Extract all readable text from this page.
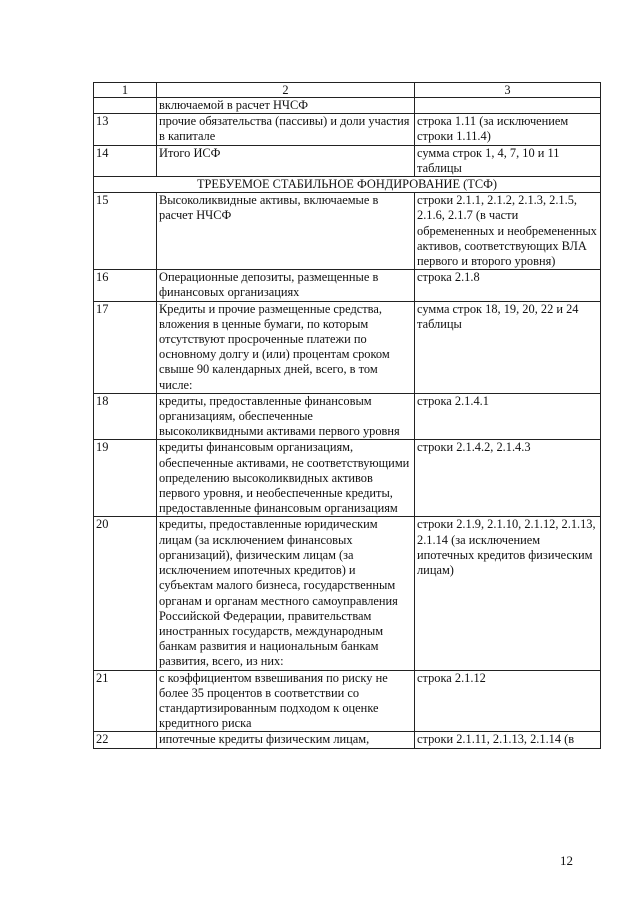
1	2	3
	включаемой в расчет НЧСФ	
13	прочие обязательства (пассивы) и доли участия в капитале	строка 1.11 (за исключением строки 1.11.4)
14	Итого ИСФ	сумма строк 1, 4, 7, 10 и 11 таблицы
ТРЕБУЕМОЕ СТАБИЛЬНОЕ ФОНДИРОВАНИЕ (ТСФ)		
15	Высоколиквидные активы, включаемые в расчет НЧСФ	строки 2.1.1, 2.1.2, 2.1.3, 2.1.5, 2.1.6, 2.1.7 (в части обремененных и необремененных активов, соответствующих ВЛА первого и второго уровня)
16	Операционные депозиты, размещенные в финансовых организациях	строка 2.1.8
17	Кредиты и прочие размещенные средства, вложения в ценные бумаги, по которым отсутствуют просроченные платежи по основному долгу и (или) процентам сроком свыше 90 календарных дней, всего, в том числе:	сумма строк 18, 19, 20, 22 и 24 таблицы
18	кредиты, предоставленные финансовым организациям, обеспеченные высоколиквидными активами первого уровня	строка 2.1.4.1
19	кредиты финансовым организациям, обеспеченные активами, не соответствующими определению высоколиквидных активов первого уровня, и необеспеченные кредиты, предоставленные финансовым организациям	строки 2.1.4.2, 2.1.4.3
20	кредиты, предоставленные юридическим лицам (за исключением финансовых организаций), физическим лицам (за исключением ипотечных кредитов) и субъектам малого бизнеса, государственным органам и органам местного самоуправления Российской Федерации, правительствам иностранных государств, международным банкам развития и национальным банкам развития, всего, из них:	строки 2.1.9, 2.1.10, 2.1.12, 2.1.13, 2.1.14 (за исключением ипотечных кредитов физическим лицам)
21	с коэффициентом взвешивания по риску не более 35 процентов в соответствии со стандартизированным подходом к оценке кредитного риска	строка 2.1.12
22	ипотечные кредиты физическим лицам,	строки 2.1.11, 2.1.13, 2.1.14 (в
12
